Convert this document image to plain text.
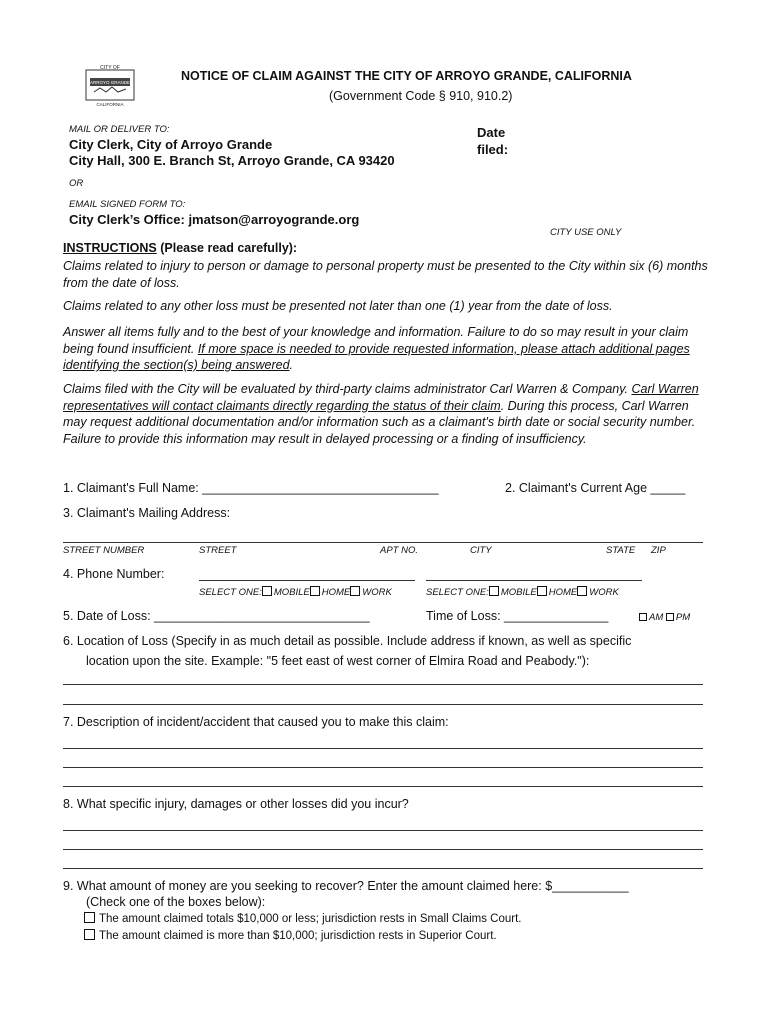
CITY OF
ARROYO GRANDE
CALIFORNIA
NOTICE OF CLAIM AGAINST THE CITY OF ARROYO GRANDE, CALIFORNIA
(Government Code § 910, 910.2)
MAIL OR DELIVER TO:
City Clerk, City of Arroyo Grande
City Hall, 300 E. Branch St, Arroyo Grande, CA 93420
OR
EMAIL SIGNED FORM TO:
City Clerk’s Office: jmatson@arroyogrande.org
Date
filed:
CITY USE ONLY
INSTRUCTIONS (Please read carefully):
Claims related to injury to person or damage to personal property must be presented to the City within six (6) months from the date of loss.
Claims related to any other loss must be presented not later than one (1) year from the date of loss.
Answer all items fully and to the best of your knowledge and information. Failure to do so may result in your claim being found insufficient. If more space is needed to provide requested information, please attach additional pages identifying the section(s) being answered.
Claims filed with the City will be evaluated by third-party claims administrator Carl Warren & Company. Carl Warren representatives will contact claimants directly regarding the status of their claim. During this process, Carl Warren may request additional documentation and/or information such as a claimant's birth date or social security number. Failure to provide this information may result in delayed processing or a finding of insufficiency.
1. Claimant's Full Name: __________________________________	2. Claimant's Current Age _____
3. Claimant's Mailing Address:
STREET NUMBER	STREET	APT NO.	CITY	STATE ZIP
4. Phone Number:
SELECT ONE: MOBILE HOME WORK	SELECT ONE: MOBILE HOME WORK
5. Date of Loss: _______________________________	Time of Loss: _______________	AM PM
6. Location of Loss (Specify in as much detail as possible. Include address if known, as well as specific
location upon the site. Example: "5 feet east of west corner of Elmira Road and Peabody."):
7. Description of incident/accident that caused you to make this claim:
8. What specific injury, damages or other losses did you incur?
9. What amount of money are you seeking to recover? Enter the amount claimed here: $___________
(Check one of the boxes below):
The amount claimed totals $10,000 or less; jurisdiction rests in Small Claims Court.
The amount claimed is more than $10,000; jurisdiction rests in Superior Court.
